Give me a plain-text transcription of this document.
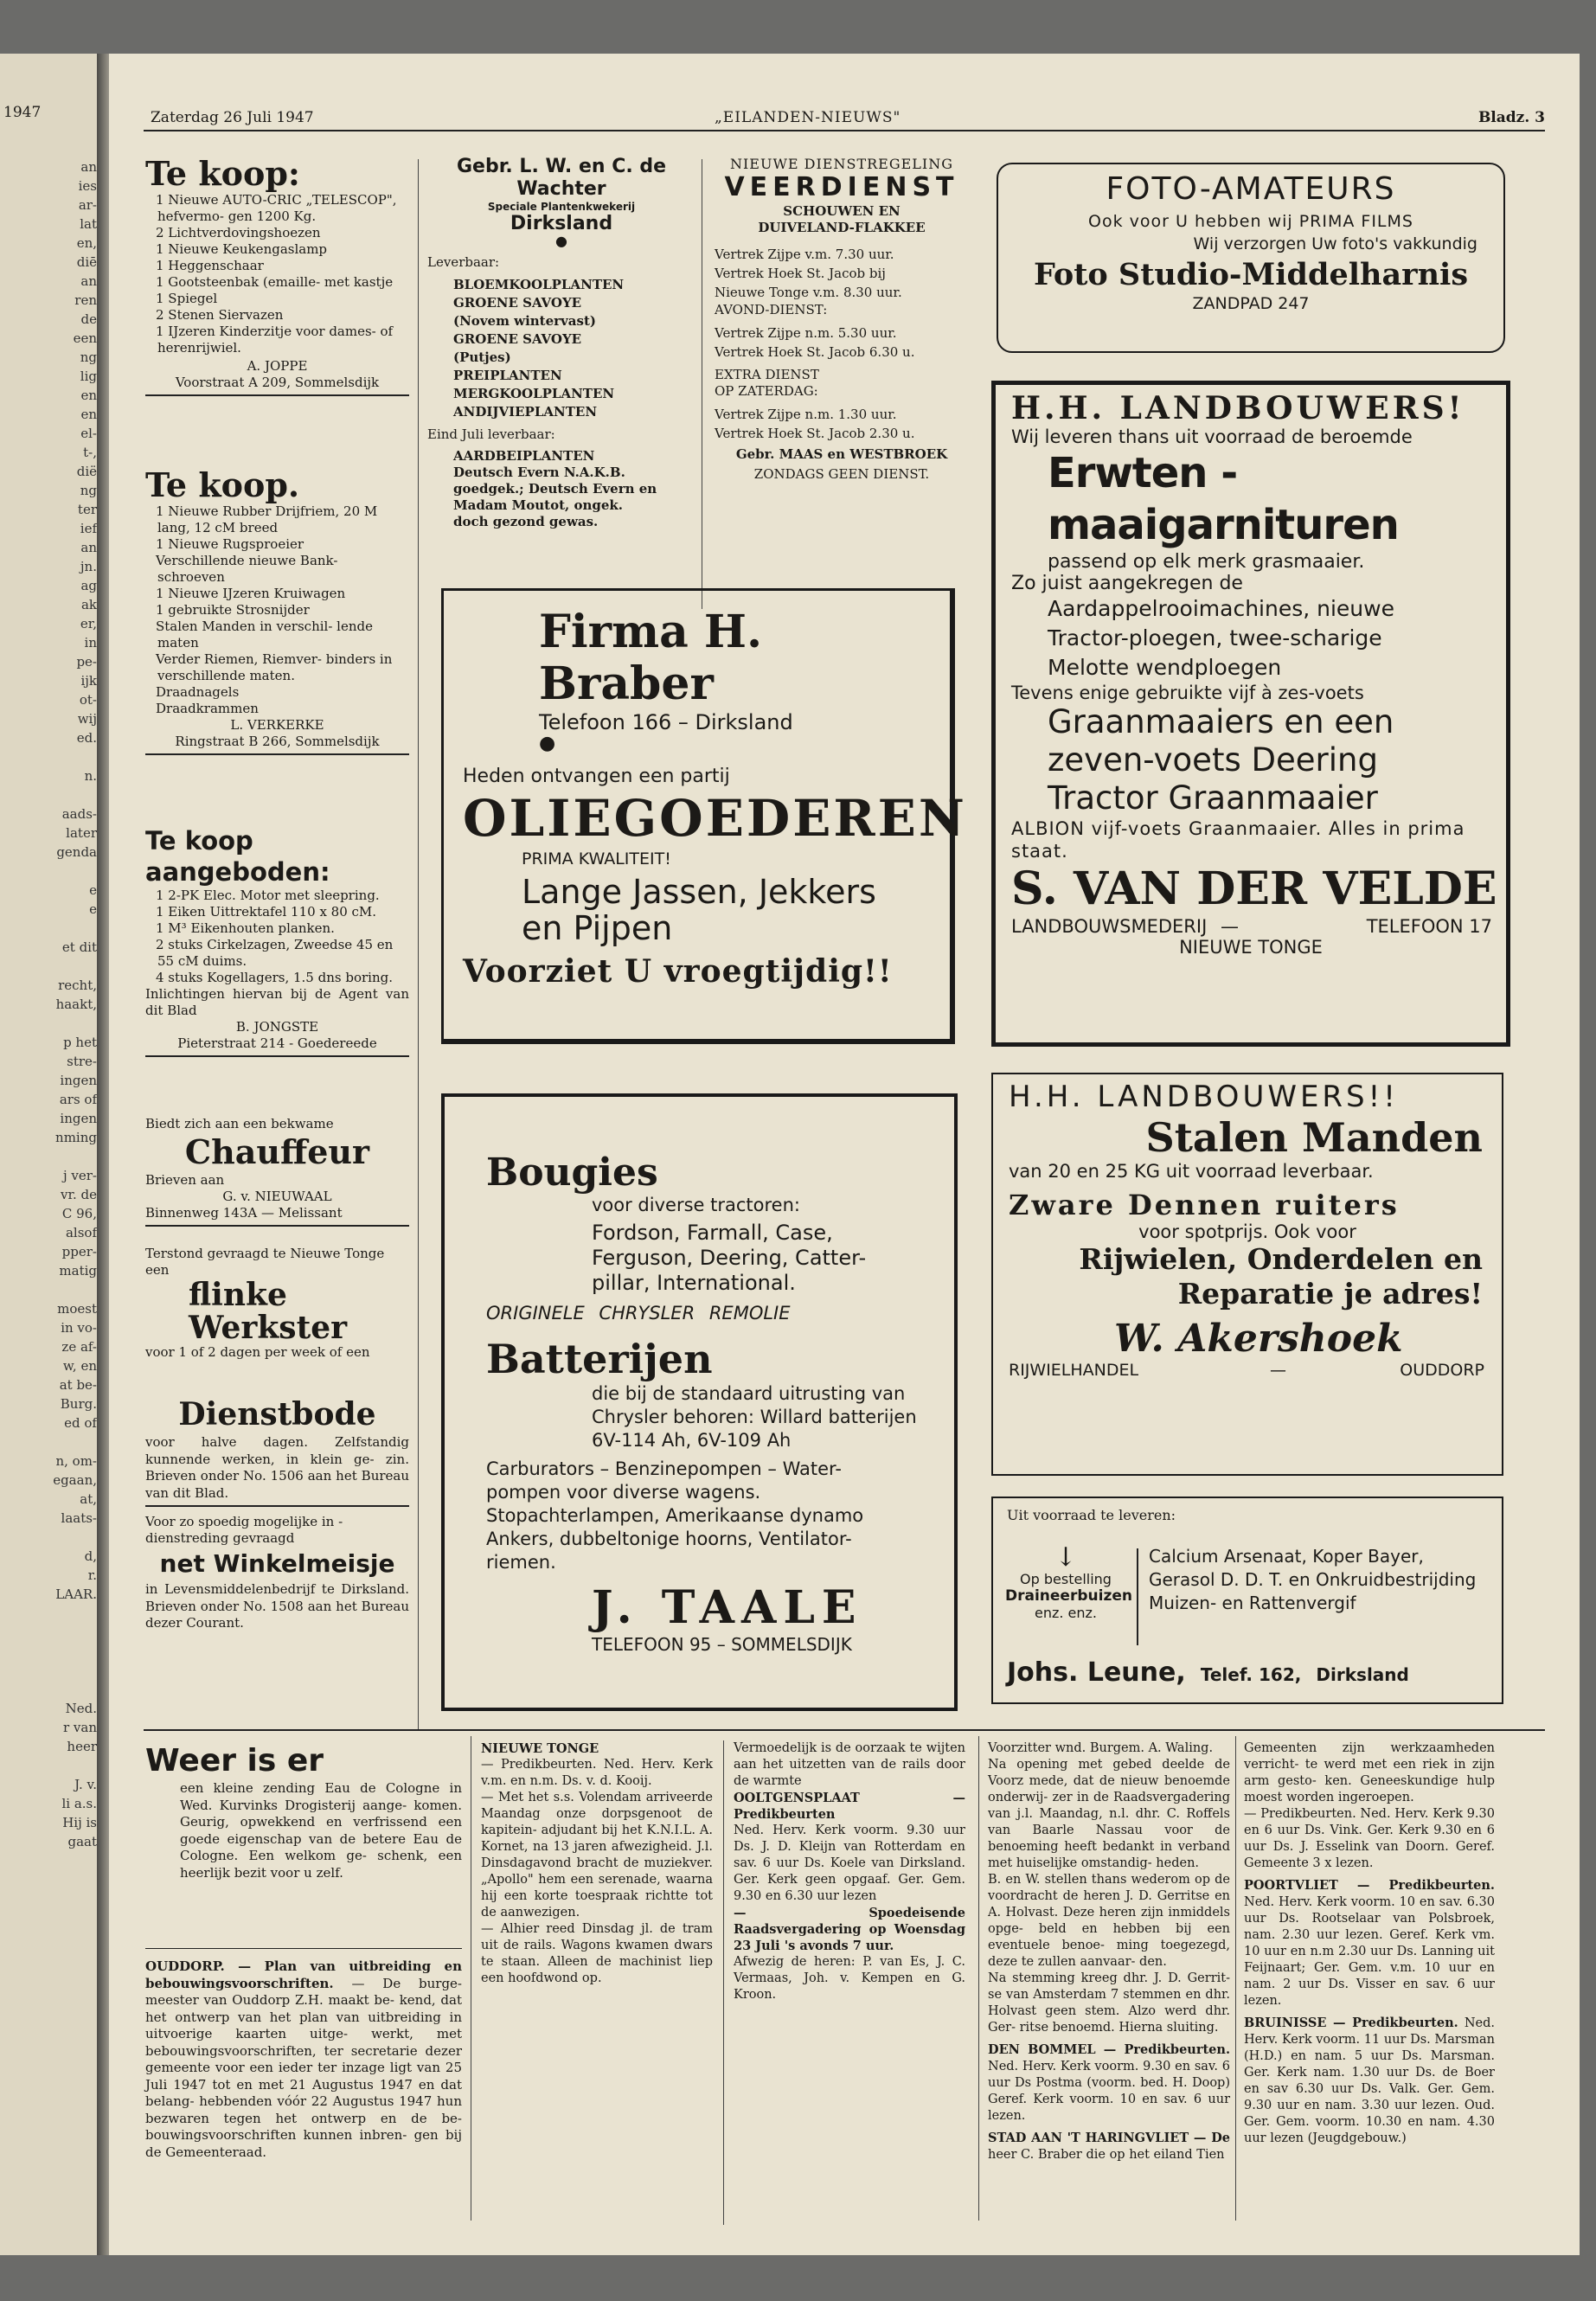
1947
an
ies
ar-
lat
en,
diē
an
ren
de
een
ng
lig
en
en
el-
t-,
diё
ng
ter
ief
an
jn.
ag
ak
er,
in
pe-
ijk
ot-
wij
ed.

n.

aads-
later
genda

e
e

et dit

recht,
haakt,

p het
stre-
ingen
ars of
ingen
nming

j ver-
vr. de
C 96,
alsof
pper-
matig

moest
in vo-
ze af-
w, en
at be-
Burg.
ed of

n, om-
egaan,
at,
laats-

d,
r.
LAAR.

Ned.
r van
heer

J. v.
li a.s.
Hij is
gaat
Zaterdag 26 Juli 1947	„EILANDEN-NIEUWS"	Bladz. 3
Te koop:
1 Nieuwe AUTO-CRIC „TELESCOP", hefvermo- gen 1200 Kg.
2 Lichtverdovingshoezen
1 Nieuwe Keukengaslamp
1 Heggenschaar
1 Gootsteenbak (emaille- met kastje
1 Spiegel
2 Stenen Siervazen
1 IJzeren Kinderzitje voor dames- of herenrijwiel.
A. JOPPE
Voorstraat A 209, Sommelsdijk
Te koop.
1 Nieuwe Rubber Drijfriem, 20 M lang, 12 cM breed
1 Nieuwe Rugsproeier
Verschillende nieuwe Bank- schroeven
1 Nieuwe IJzeren Kruiwagen
1 gebruikte Strosnijder
Stalen Manden in verschil- lende maten
Verder Riemen, Riemver- binders in verschillende maten.
Draadnagels
Draadkrammen
L. VERKERKE
Ringstraat B 266, Sommelsdijk
Te koop aangeboden:
1 2-PK Elec. Motor met sleepring.
1 Eiken Uittrektafel 110 x 80 cM.
1 M³ Eikenhouten planken.
2 stuks Cirkelzagen, Zweedse 45 en 55 cM duims.
4 stuks Kogellagers, 1.5 dns boring.
Inlichtingen hiervan bij de Agent van dit Blad
B. JONGSTE
Pieterstraat 214 - Goedereede
Biedt zich aan een bekwame
Chauffeur
Brieven aan
G. v. NIEUWAAL
Binnenweg 143A — Melissant
Terstond gevraagd te Nieuwe Tonge een
flinke
Werkster
voor 1 of 2 dagen per week of een
Dienstbode
voor halve dagen. Zelfstandig kunnende werken, in klein ge- zin. Brieven onder No. 1506 aan het Bureau van dit Blad.
Voor zo spoedig mogelijke in -dienstreding gevraagd
net Winkelmeisje
in Levensmiddelenbedrijf te Dirksland. Brieven onder No. 1508 aan het Bureau dezer Courant.
Gebr. L. W. en C. de Wachter
Speciale Plantenkwekerij
Dirksland
●
Leverbaar:
BLOEMKOOLPLANTEN
GROENE SAVOYE
(Novem wintervast)
GROENE SAVOYE
(Putjes)
PREIPLANTEN
MERGKOOLPLANTEN
ANDIJVIEPLANTEN
Eind Juli leverbaar:
AARDBEIPLANTEN
Deutsch Evern N.A.K.B. goedgek.; Deutsch Evern en Madam Moutot, ongek. doch gezond gewas.
NIEUWE DIENSTREGELING
VEERDIENST
SCHOUWEN EN
DUIVELAND-FLAKKEE
Vertrek Zijpe v.m. 7.30 uur.
Vertrek Hoek St. Jacob bij
Nieuwe Tonge v.m. 8.30 uur.
AVOND-DIENST:
Vertrek Zijpe n.m. 5.30 uur.
Vertrek Hoek St. Jacob 6.30 u.
EXTRA DIENST
OP ZATERDAG:
Vertrek Zijpe n.m. 1.30 uur.
Vertrek Hoek St. Jacob 2.30 u.
Gebr. MAAS en WESTBROEK
ZONDAGS GEEN DIENST.
FOTO-AMATEURS
Ook voor U hebben wij PRIMA FILMS
Wij verzorgen Uw foto's vakkundig
Foto Studio-Middelharnis
ZANDPAD 247
Firma H. Braber
Telefoon 166 – Dirksland
●
Heden ontvangen een partij
OLIEGOEDEREN
PRIMA KWALITEIT!
Lange Jassen, Jekkers en Pijpen
Voorziet U vroegtijdig!!
H.H. LANDBOUWERS!
Wij leveren thans uit voorraad de beroemde
Erwten - maaigarnituren
passend op elk merk grasmaaier.
Zo juist aangekregen de
Aardappelrooimachines, nieuwe Tractor-ploegen, twee-scharige Melotte wendploegen
Tevens enige gebruikte vijf à zes-voets
Graanmaaiers en een zeven-voets Deering Tractor Graanmaaier
ALBION vijf-voets Graanmaaier. Alles in prima staat.
S. VAN DER VELDE
LANDBOUWSMEDERIJ —	TELEFOON 17
NIEUWE TONGE
Bougies
voor diverse tractoren:
Fordson, Farmall, Case, Ferguson, Deering, Catter- pillar, International.
ORIGINELE CHRYSLER REMOLIE
Batterijen
die bij de standaard uitrusting van Chrysler behoren: Willard batterijen 6V-114 Ah, 6V-109 Ah
Carburators – Benzinepompen – Water- pompen voor diverse wagens. Stopachterlampen, Amerikaanse dynamo Ankers, dubbeltonige hoorns, Ventilator- riemen.
J. TAALE
TELEFOON 95 – SOMMELSDIJK
H.H. LANDBOUWERS!!
Stalen Manden
van 20 en 25 KG uit voorraad leverbaar.
Zware Dennen ruiters
voor spotprijs. Ook voor
Rijwielen, Onderdelen en Reparatie je adres!
W. Akershoek
RIJWIELHANDEL	—	OUDDORP
Uit voorraad te leveren:
↓
Op bestelling
Draineerbuizen
enz. enz.
Calcium Arsenaat, Koper Bayer, Gerasol D. D. T. en Onkruidbestrijding Muizen- en Rattenvergif
Johs. Leune, Telef. 162, Dirksland
Weer is er
een kleine zending Eau de Cologne in Wed. Kurvinks Drogisterij aange- komen. Geurig, opwekkend en verfrissend een goede eigenschap van de betere Eau de Cologne. Een welkom ge- schenk, een heerlijk bezit voor u zelf.
OUDDORP. — Plan van uitbreiding en bebouwingsvoorschriften. — De burge- meester van Ouddorp Z.H. maakt be- kend, dat het ontwerp van het plan van uitbreiding in uitvoerige kaarten uitge- werkt, met bebouwingsvoorschriften, ter secretarie dezer gemeente voor een ieder ter inzage ligt van 25 Juli 1947 tot en met 21 Augustus 1947 en dat belang- hebbenden vóór 22 Augustus 1947 hun bezwaren tegen het ontwerp en de be- bouwingsvoorschriften kunnen inbren- gen bij de Gemeenteraad.
NIEUWE TONGE
— Predikbeurten. Ned. Herv. Kerk v.m. en n.m. Ds. v. d. Kooij.
— Met het s.s. Volendam arriveerde Maandag onze dorpsgenoot de kapitein- adjudant bij het K.N.I.L. A. Kornet, na 13 jaren afwezigheid. J.l. Dinsdagavond bracht de muziekver. „Apollo" hem een serenade, waarna hij een korte toespraak richtte tot de aanwezigen.
— Alhier reed Dinsdag jl. de tram uit de rails. Wagons kwamen dwars te staan. Alleen de machinist liep een hoofdwond op.
Vermoedelijk is de oorzaak te wijten aan het uitzetten van de rails door de warmte
OOLTGENSPLAAT — Predikbeurten
Ned. Herv. Kerk voorm. 9.30 uur Ds. J. D. Kleijn van Rotterdam en sav. 6 uur Ds. Koele van Dirksland. Ger. Kerk geen opgaaf. Ger. Gem. 9.30 en 6.30 uur lezen
— Spoedeisende Raadsvergadering op Woensdag 23 Juli 's avonds 7 uur.
Afwezig de heren: P. van Es, J. C. Vermaas, Joh. v. Kempen en G. Kroon.
Gemeenten zijn werkzaamheden verricht- te werd met een riek in zijn arm gesto- ken. Geneeskundige hulp moest worden ingeroepen.
— Predikbeurten. Ned. Herv. Kerk 9.30 en 6 uur Ds. Vink. Ger. Kerk 9.30 en 6 uur Ds. J. Esselink van Doorn. Geref. Gemeente 3 x lezen.
POORTVLIET — Predikbeurten. Ned. Herv. Kerk voorm. 10 en sav. 6.30 uur Ds. Rootselaar van Polsbroek, nam. 2.30 uur lezen. Geref. Kerk vm. 10 uur en n.m 2.30 uur Ds. Lanning uit Feijnaart; Ger. Gem. v.m. 10 uur en nam. 2 uur Ds. Visser en sav. 6 uur lezen.
BRUINISSE — Predikbeurten. Ned. Herv. Kerk voorm. 11 uur Ds. Marsman (H.D.) en nam. 5 uur Ds. Marsman. Ger. Kerk nam. 1.30 uur Ds. de Boer en sav 6.30 uur Ds. Valk. Ger. Gem. 9.30 uur en nam. 3.30 uur lezen. Oud. Ger. Gem. voorm. 10.30 en nam. 4.30 uur lezen (Jeugdgebouw.)
Voorzitter wnd. Burgem. A. Waling.
Na opening met gebed deelde de Voorz mede, dat de nieuw benoemde onderwij- zer in de Raadsvergadering van j.l. Maandag, n.l. dhr. C. Roffels van Baarle Nassau voor de benoeming heeft bedankt in verband met huiselijke omstandig- heden.
B. en W. stellen thans wederom op de voordracht de heren J. D. Gerritse en A. Holvast. Deze heren zijn inmiddels opge- beld en hebben bij een eventuele benoe- ming toegezegd, deze te zullen aanvaar- den.
Na stemming kreeg dhr. J. D. Gerrit- se van Amsterdam 7 stemmen en dhr. Holvast geen stem. Alzo werd dhr. Ger- ritse benoemd. Hierna sluiting.
DEN BOMMEL — Predikbeurten. Ned. Herv. Kerk voorm. 9.30 en sav. 6 uur Ds Postma (voorm. bed. H. Doop) Geref. Kerk voorm. 10 en sav. 6 uur lezen.
STAD AAN 'T HARINGVLIET — De heer C. Braber die op het eiland Tien
